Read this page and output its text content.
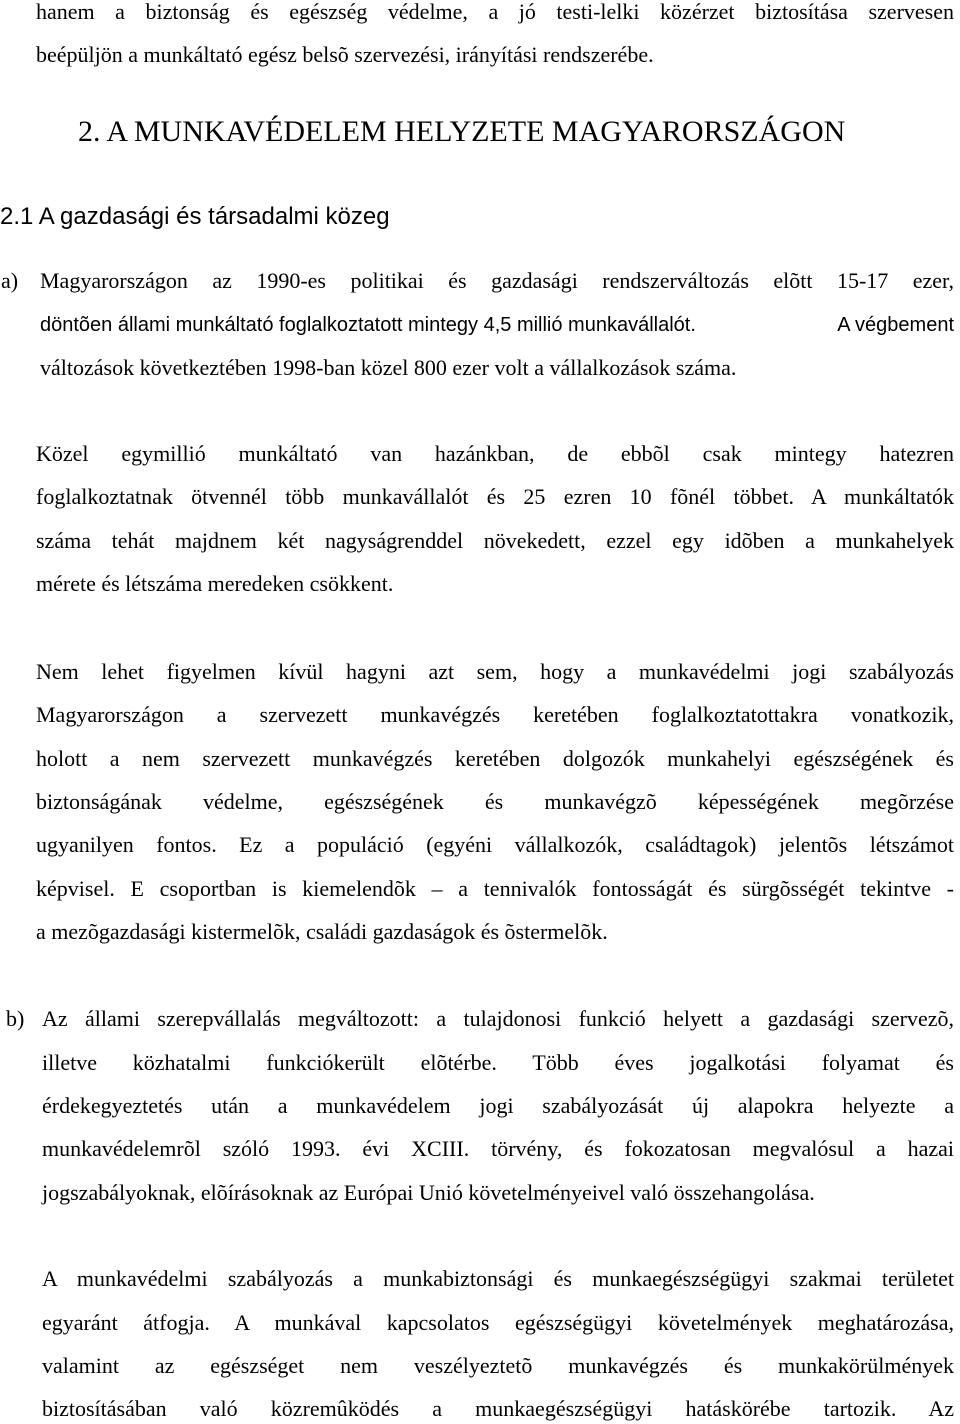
hanem a biztonság és egészség védelme, a jó testi-lelki közérzet biztosítása szervesen

beépüljön a munkáltató egész belsõ szervezési, irányítási rendszerébe.

2. A MUNKAVÉDELEM HELYZETE MAGYARORSZÁGON
2.1 A gazdasági és társadalmi közeg
a) Magyarországon az 1990-es politikai és gazdasági rendszerváltozás elõtt 15-17 ezer,

döntõen állami munkáltató foglalkoztatott mintegy 4,5 millió munkavállalót.	A végbement

változások következtében 1998-ban közel 800 ezer volt a vállalkozások száma.

Közel egymillió munkáltató van hazánkban, de ebbõl csak mintegy hatezren

foglalkoztatnak ötvennél több munkavállalót és 25 ezren 10 fõnél többet. A munkáltatók

száma tehát majdnem két nagyságrenddel növekedett, ezzel egy idõben a munkahelyek

mérete és létszáma meredeken csökkent.

Nem lehet figyelmen kívül hagyni azt sem, hogy a munkavédelmi jogi szabályozás

Magyarországon a szervezett munkavégzés keretében foglalkoztatottakra vonatkozik,

holott a nem szervezett munkavégzés keretében dolgozók munkahelyi egészségének és

biztonságának védelme, egészségének és munkavégzõ képességének megõrzése

ugyanilyen fontos. Ez a populáció (egyéni vállalkozók, családtagok) jelentõs létszámot

képvisel. E csoportban is kiemelendõk – a tennivalók fontosságát és sürgõsségét tekintve -

a mezõgazdasági kistermelõk, családi gazdaságok és õstermelõk.

b) Az állami szerepvállalás megváltozott: a tulajdonosi funkció helyett a gazdasági szervezõ,

illetve közhatalmi funkciókerült elõtérbe. Több éves jogalkotási folyamat és

érdekegyeztetés után a munkavédelem jogi szabályozását új alapokra helyezte a

munkavédelemrõl szóló 1993. évi XCIII. törvény, és fokozatosan megvalósul a hazai

jogszabályoknak, elõírásoknak az Európai Unió követelményeivel való összehangolása.

A munkavédelmi szabályozás a munkabiztonsági és munkaegészségügyi szakmai területet

egyaránt átfogja. A munkával kapcsolatos egészségügyi követelmények meghatározása,

valamint az egészséget nem veszélyeztetõ munkavégzés és munkakörülmények

biztosításában való közremûködés a munkaegészségügyi hatáskörébe tartozik. Az
